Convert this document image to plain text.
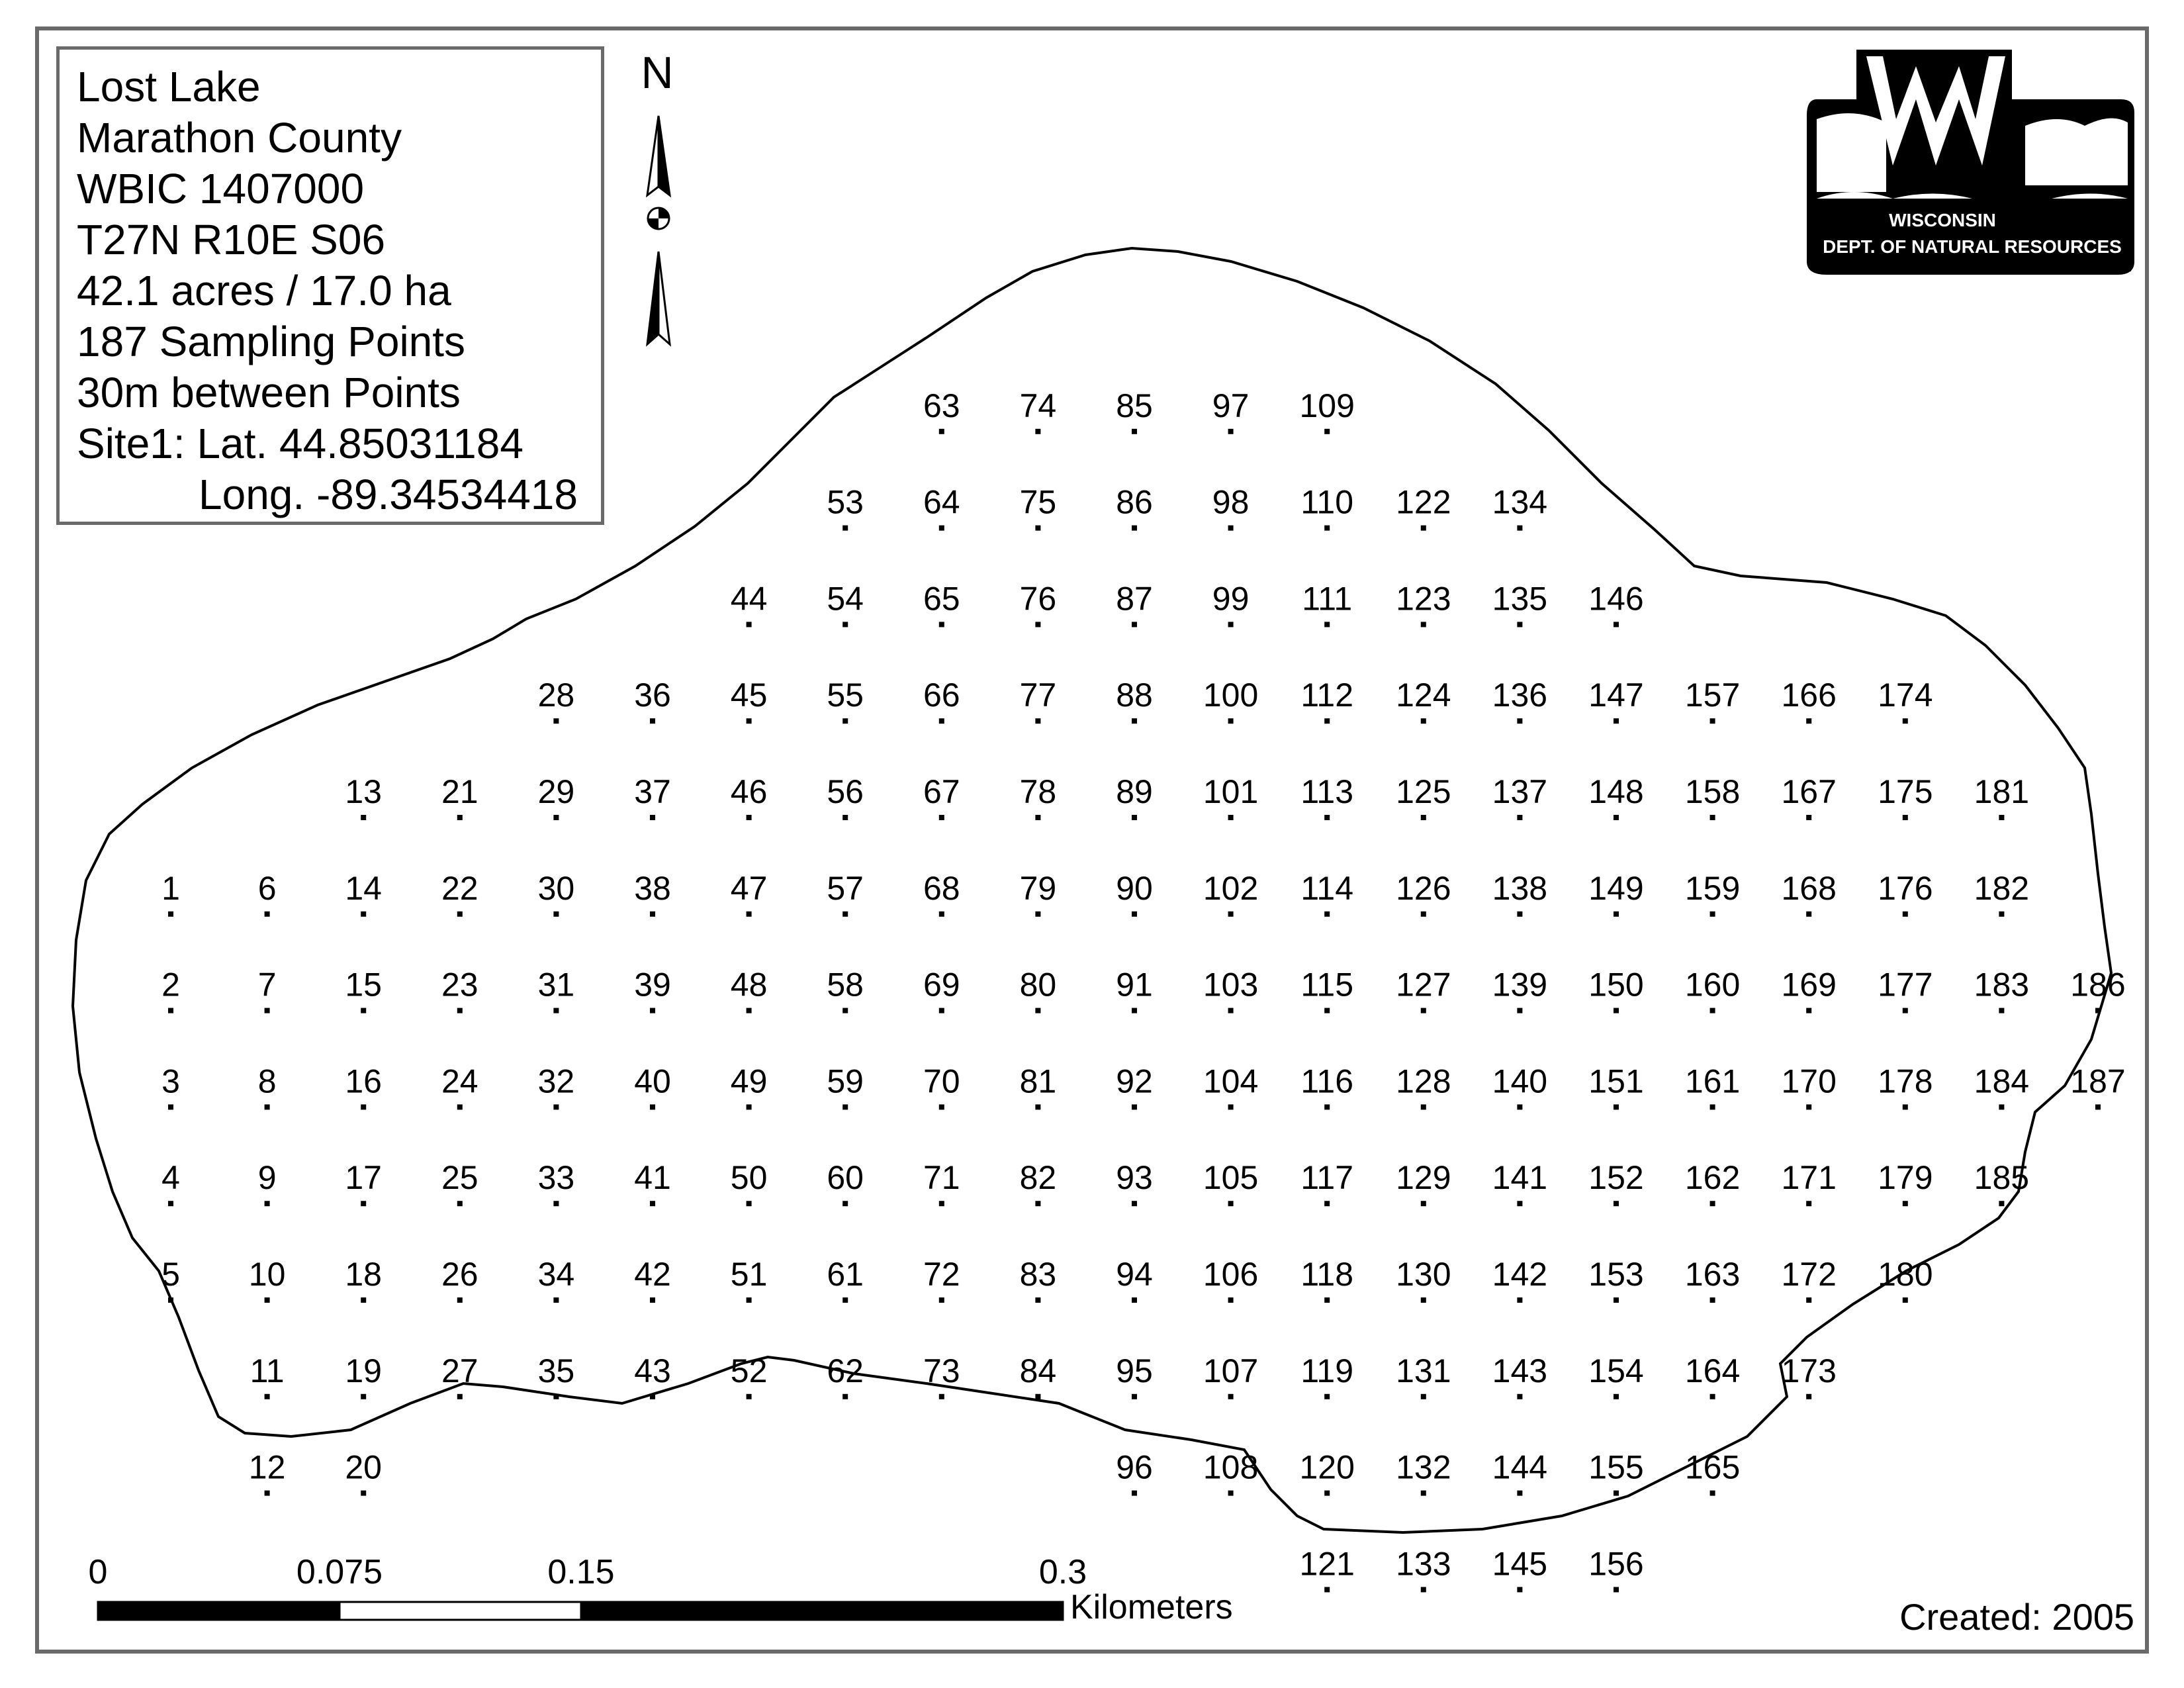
1
2
3
4
5
6
7
8
9
10
11
12
13
14
15
16
17
18
19
20
21
22
23
24
25
26
27
28
29
30
31
32
33
34
35
36
37
38
39
40
41
42
43
44
45
46
47
48
49
50
51
52
53
54
55
56
57
58
59
60
61
62
63
64
65
66
67
68
69
70
71
72
73
74
75
76
77
78
79
80
81
82
83
84
85
86
87
88
89
90
91
92
93
94
95
96
97
98
99
100
101
102
103
104
105
106
107
108
109
110
111
112
113
114
115
116
117
118
119
120
121
122
123
124
125
126
127
128
129
130
131
132
133
134
135
136
137
138
139
140
141
142
143
144
145
146
147
148
149
150
151
152
153
154
155
156
157
158
159
160
161
162
163
164
165
166
167
168
169
170
171
172
173
174
175
176
177
178
179
180
181
182
183
184
185
186
187
N
WISCONSIN
DEPT. OF NATURAL RESOURCES
0	0.075	0.15	0.3
Kilometers
Lost Lake
Marathon County
WBIC 1407000
T27N R10E S06
42.1 acres / 17.0 ha
187 Sampling Points
30m between Points
Site1: Lat. 44.85031184
Long. -89.34534418
Created: 2005
